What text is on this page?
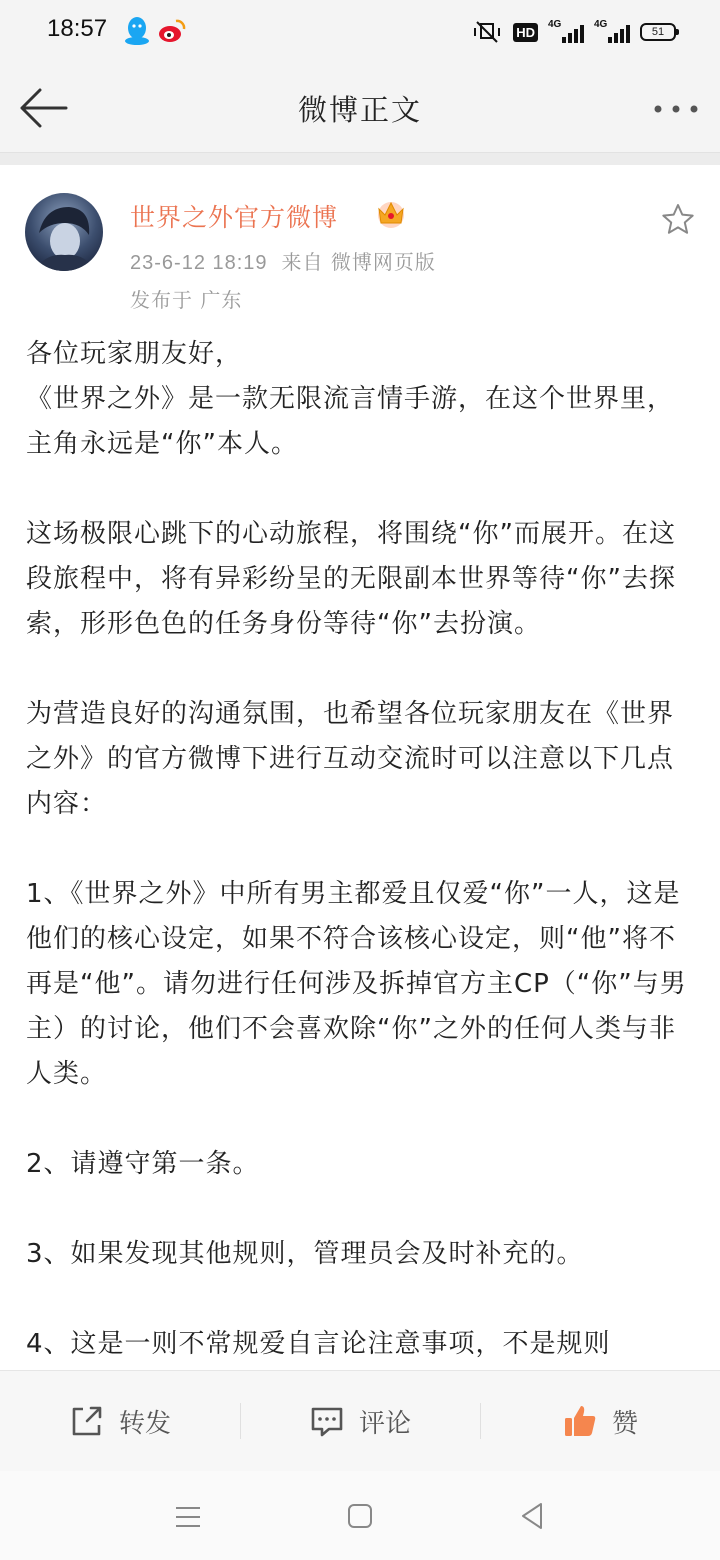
18:57	HD	4G	4G
51
微博正文
世界之外官方微博
23-6-12 18:19 来自 微博网页版
发布于 广东

各位玩家朋友好，
《世界之外》是一款无限流言情手游，在这个世界里，主角永远是“你”本人。

这场极限心跳下的心动旅程，将围绕“你”而展开。在这段旅程中，将有异彩纷呈的无限副本世界等待“你”去探索，形形色色的任务身份等待“你”去扮演。

为营造良好的沟通氛围，也希望各位玩家朋友在《世界之外》的官方微博下进行互动交流时可以注意以下几点内容：

1、《世界之外》中所有男主都爱且仅爱“你”一人，这是他们的核心设定，如果不符合该核心设定，则“他”将不再是“他”。请勿进行任何涉及拆掉官方主CP（“你”与男主）的讨论，他们不会喜欢除“你”之外的任何人类与非人类。

2、请遵守第一条。

3、如果发现其他规则，管理员会及时补充的。

4、这是一则不常规爱自言论注意事项，不是规则

转发	评论	赞
